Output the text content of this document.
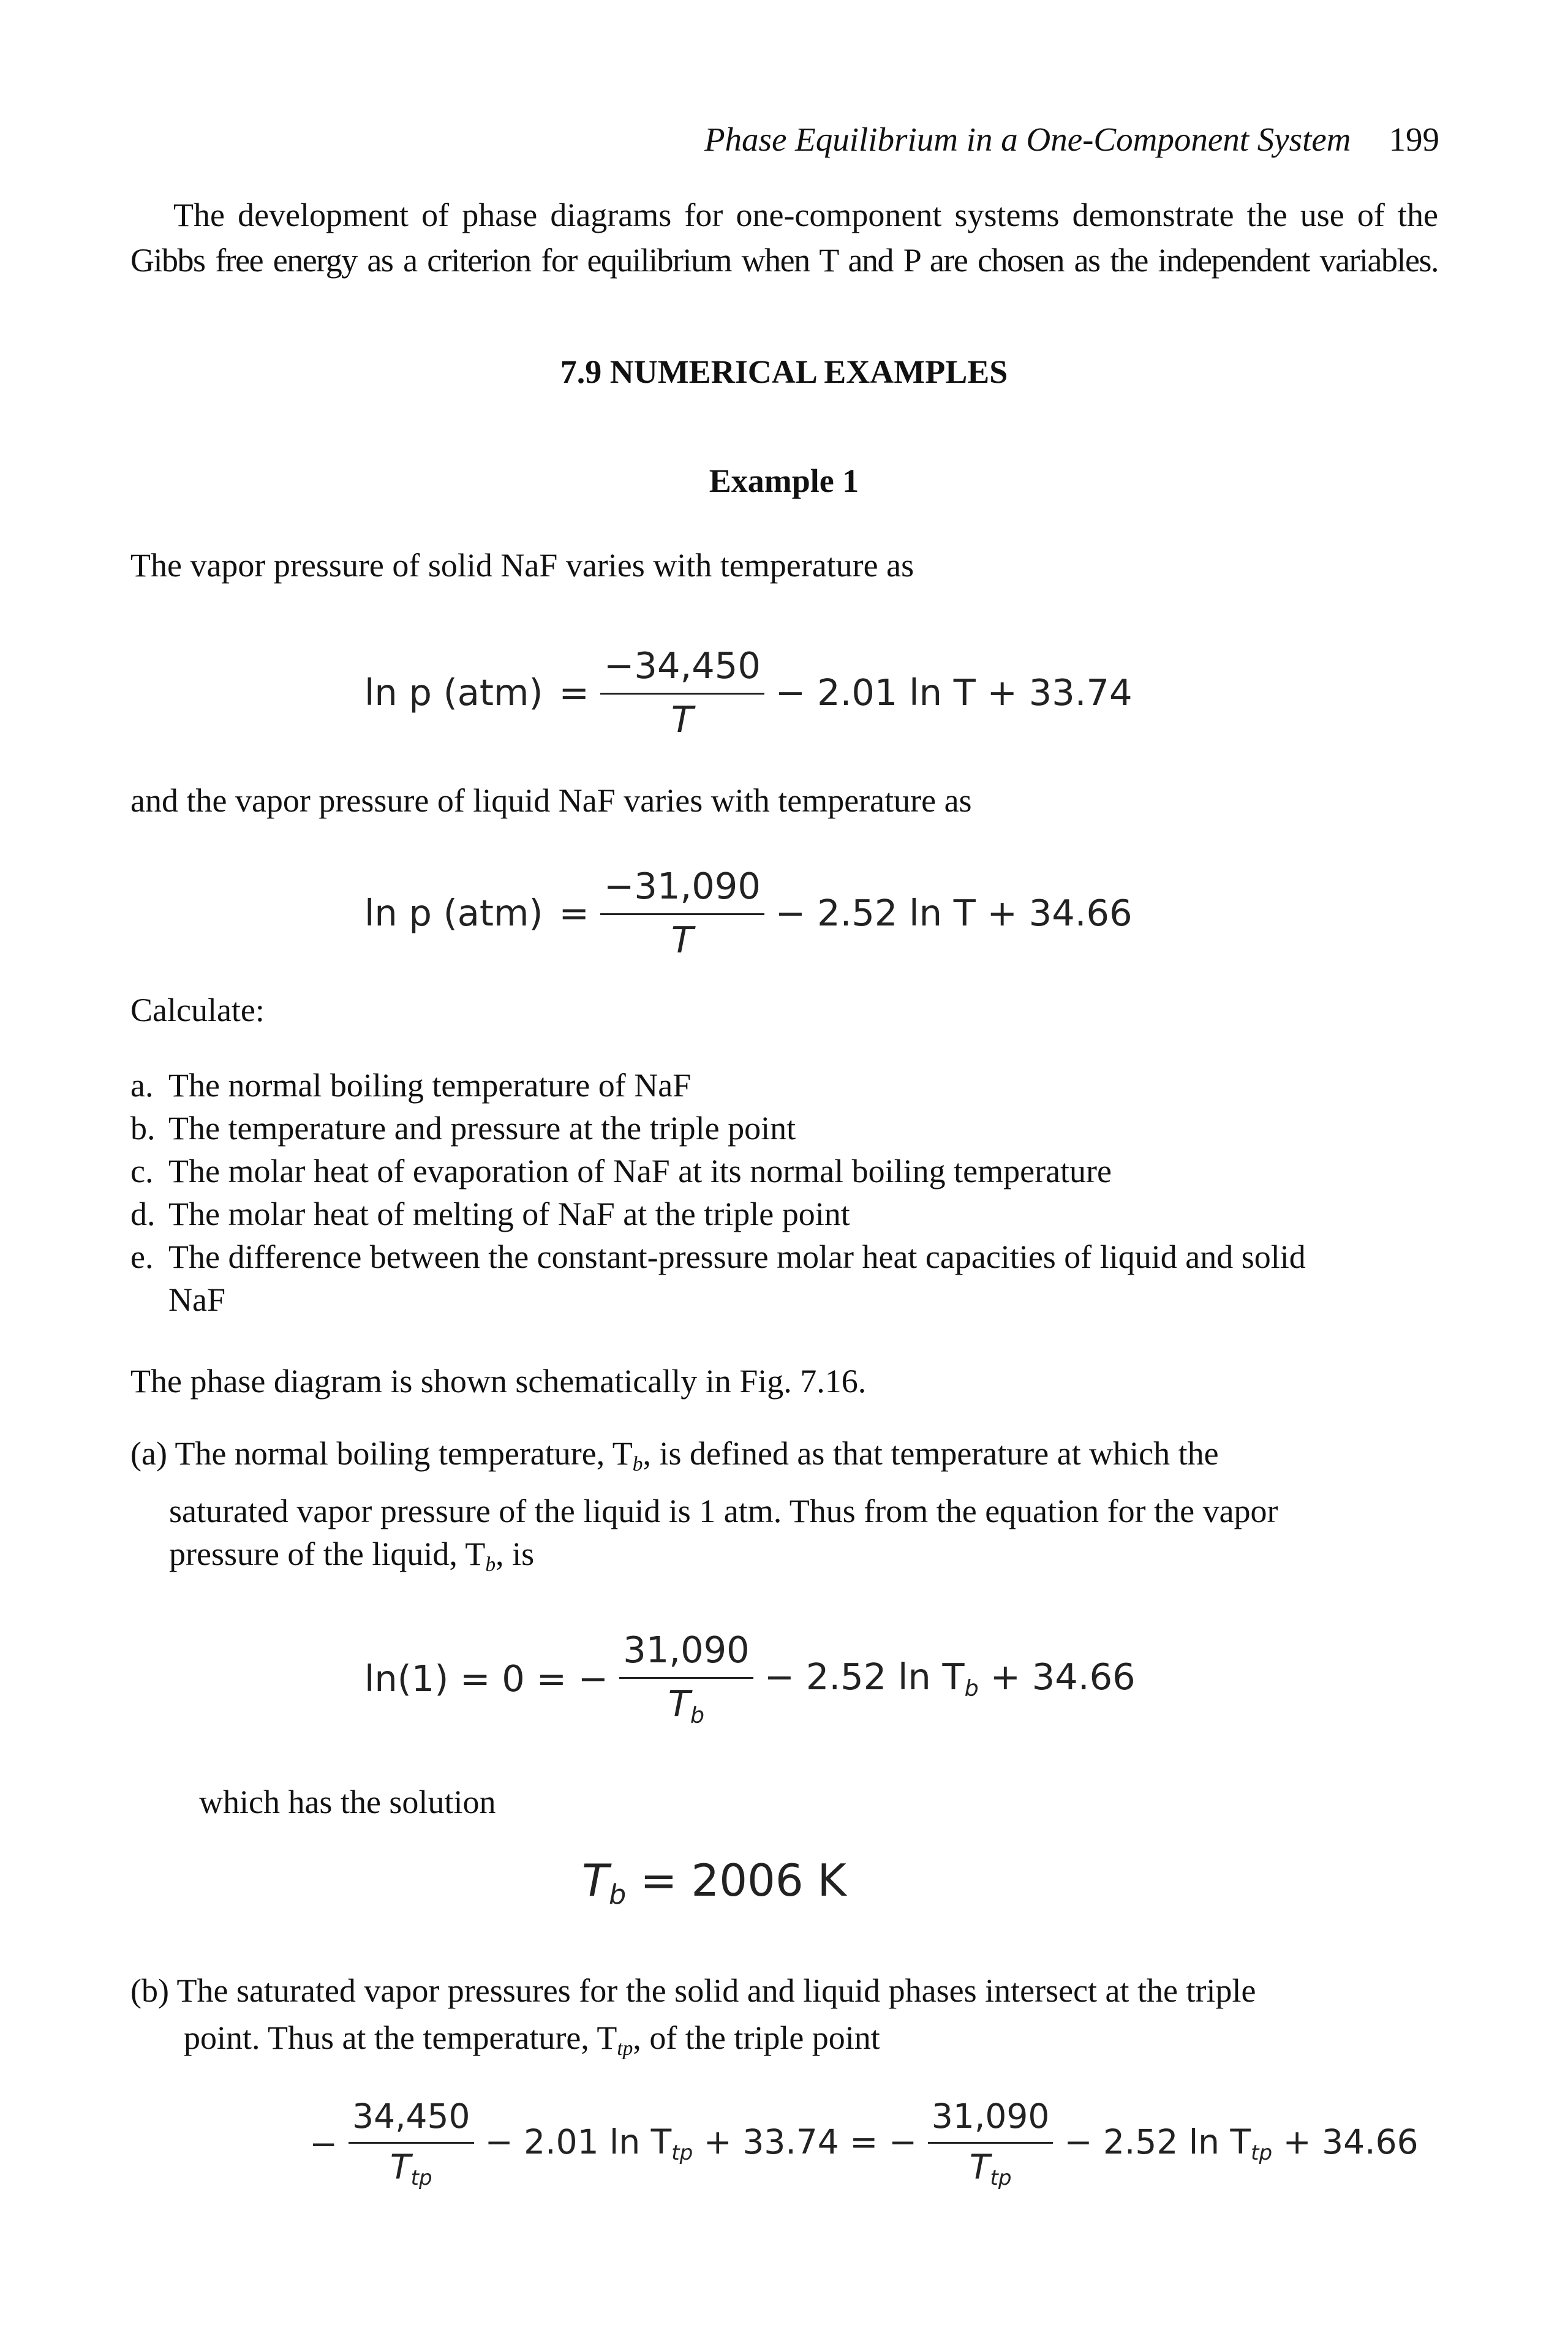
Phase Equilibrium in a One-Component System 199
The development of phase diagrams for one-component systems demonstrate the use of the
Gibbs free energy as a criterion for equilibrium when T and P are chosen as the independent variables.
7.9 NUMERICAL EXAMPLES
Example 1
The vapor pressure of solid NaF varies with temperature as
ln p $(atm) = \frac{-34,450}{T} - 2.01$ ln T + 33.74
and the vapor pressure of liquid NaF varies with temperature as
ln p $(atm) = \frac{-31,090}{T} - 2.52$ ln T + 34.66
Calculate:
a. The normal boiling temperature of NaF
b. The temperature and pressure at the triple point
c. The molar heat of evaporation of NaF at its normal boiling temperature
d. The molar heat of melting of NaF at the triple point
e. The difference between the constant-pressure molar heat capacities of liquid and solid
NaF
The phase diagram is shown schematically in Fig. 7.16.
(a) The normal boiling temperature, $T_b$, is defined as that temperature at which the
saturated vapor pressure of the liquid is 1 atm. Thus from the equation for the vapor
pressure of the liquid, $T_b$, is
ln(1) = 0 = − $\frac{31,090}{T_b} - 2.52$ $\ln T_b + 34.66$
which has the solution
$T_b = 2006$ K
(b) The saturated vapor pressures for the solid and liquid phases intersect at the triple
point. Thus at the temperature, $T_{tp}$, of the triple point
− $\frac{34,450}{T_{tp}} - 2.01$ $\ln T_{tp} + 33.74$ = − $\frac{31,090}{T_{tp}} - 2.52$ $\ln T_{tp} + 34.66$
